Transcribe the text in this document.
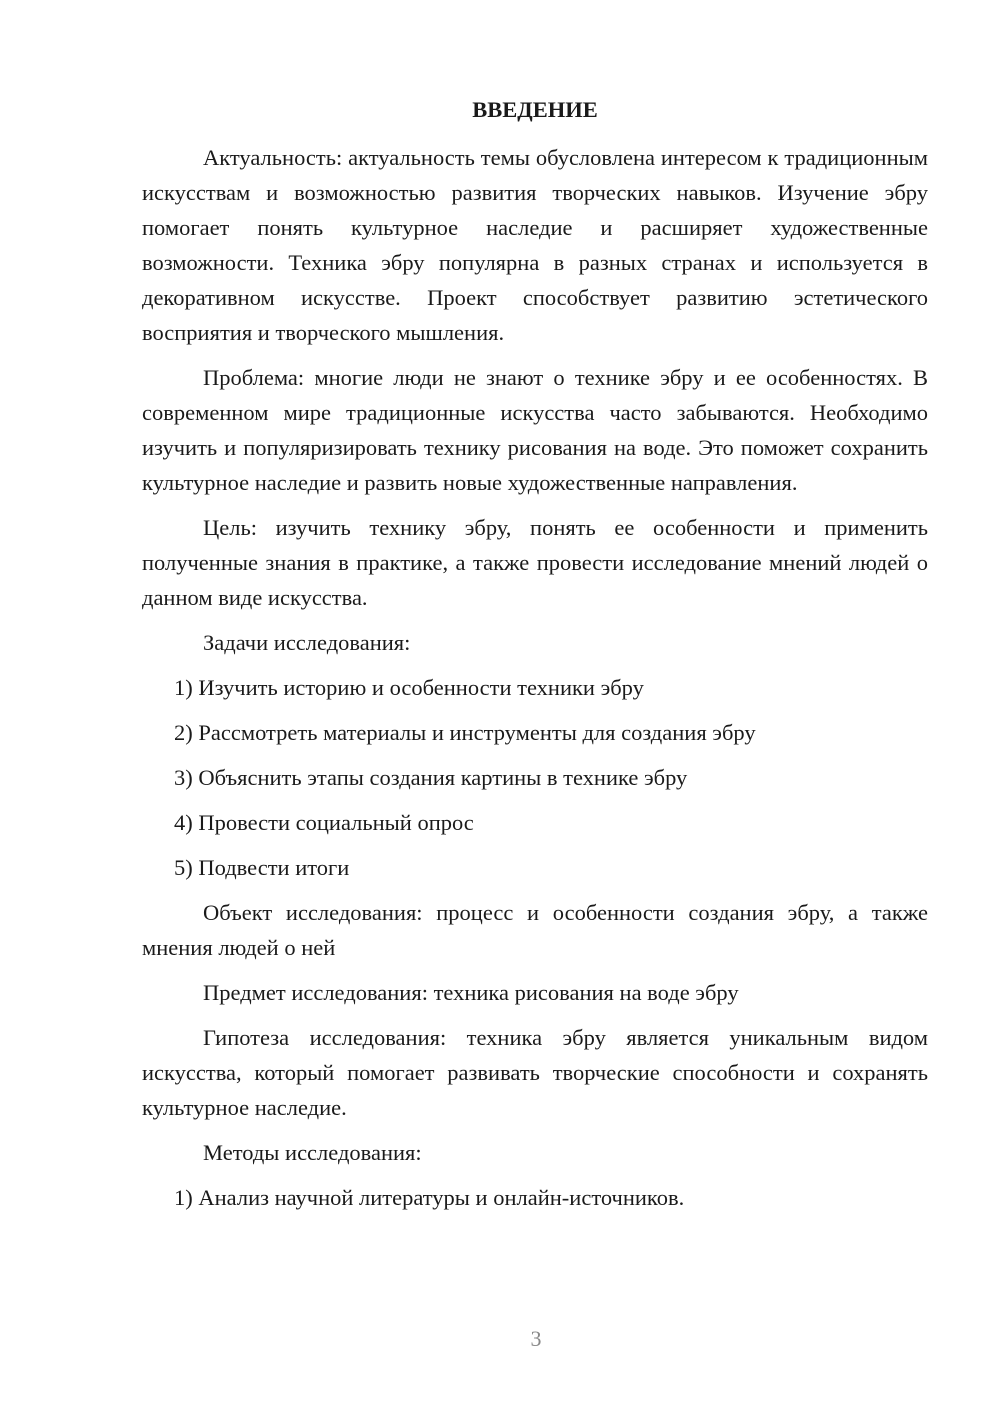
ВВЕДЕНИЕ

Актуальность: актуальность темы обусловлена интересом к традиционным искусствам и возможностью развития творческих навыков. Изучение эбру помогает понять культурное наследие и расширяет художественные возможности. Техника эбру популярна в разных странах и используется в декоративном искусстве. Проект способствует развитию эстетического восприятия и творческого мышления.

Проблема: многие люди не знают о технике эбру и ее особенностях. В современном мире традиционные искусства часто забываются. Необходимо изучить и популяризировать технику рисования на воде. Это поможет сохранить культурное наследие и развить новые художественные направления.

Цель: изучить технику эбру, понять ее особенности и применить полученные знания в практике, а также провести исследование мнений людей о данном виде искусства.

Задачи исследования:
1) Изучить историю и особенности техники эбру
2) Рассмотреть материалы и инструменты для создания эбру
3) Объяснить этапы создания картины в технике эбру
4) Провести социальный опрос
5) Подвести итоги

Объект исследования: процесс и особенности создания эбру, а также мнения людей о ней

Предмет исследования: техника рисования на воде эбру

Гипотеза исследования: техника эбру является уникальным видом искусства, который помогает развивать творческие способности и сохранять культурное наследие.

Методы исследования:
1) Анализ научной литературы и онлайн-источников.
3
